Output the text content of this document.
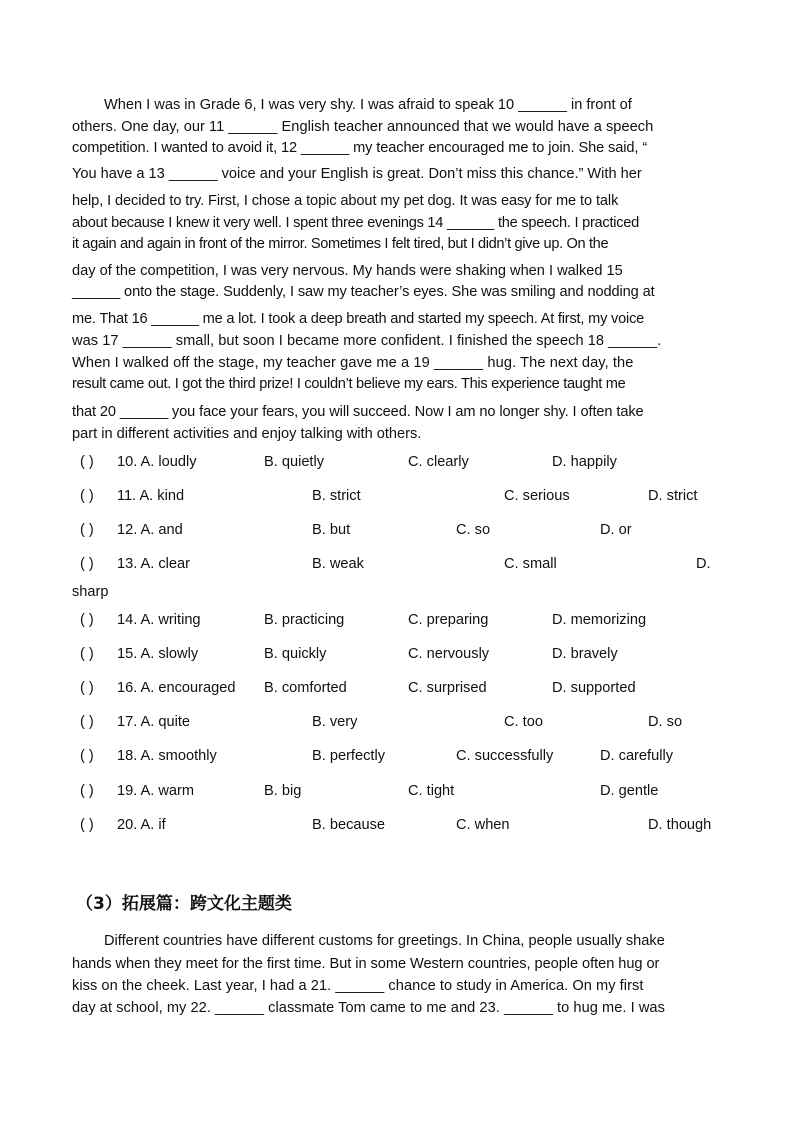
When I was in Grade 6, I was very shy. I was afraid to speak 10 ______ in front of
others. One day, our 11 ______ English teacher announced that we would have a speech
competition. I wanted to avoid it, 12 ______ my teacher encouraged me to join. She said, “
You have a 13 ______ voice and your English is great. Don’t miss this chance.” With her
help, I decided to try. First, I chose a topic about my pet dog. It was easy for me to talk
about because I knew it very well. I spent three evenings 14 ______ the speech. I practiced
it again and again in front of the mirror. Sometimes I felt tired, but I didn’t give up. On the
day of the competition, I was very nervous. My hands were shaking when I walked 15
______ onto the stage. Suddenly, I saw my teacher’s eyes. She was smiling and nodding at
me. That 16 ______ me a lot. I took a deep breath and started my speech. At first, my voice
was 17 ______ small, but soon I became more confident. I finished the speech 18 ______.
When I walked off the stage, my teacher gave me a 19 ______ hug. The next day, the
result came out. I got the third prize! I couldn’t believe my ears. This experience taught me
that 20 ______ you face your fears, you will succeed. Now I am no longer shy. I often take
part in different activities and enjoy talking with others.
( ) 10. A. loudly	B. quietly	C. clearly	D. happily
( ) 11. A. kind	B. strict	C. serious	D. strict
( ) 12. A. and	B. but	C. so	D. or
( ) 13. A. clear	B. weak	C. small	D.
sharp
( ) 14. A. writing	B. practicing	C. preparing	D. memorizing
( ) 15. A. slowly	B. quickly	C. nervously	D. bravely
( ) 16. A. encouraged B. comforted	C. surprised	D. supported
( ) 17. A. quite	B. very	C. too	D. so
( ) 18. A. smoothly	B. perfectly	C. successfully	D. carefully
( ) 19. A. warm	B. big	C. tight	D. gentle
( ) 20. A. if	B. because	C. when	D. though
（3）拓展篇：跨文化主题类
Different countries have different customs for greetings. In China, people usually shake
hands when they meet for the first time. But in some Western countries, people often hug or
kiss on the cheek. Last year, I had a 21. ______ chance to study in America. On my first
day at school, my 22. ______ classmate Tom came to me and 23. ______ to hug me. I was
